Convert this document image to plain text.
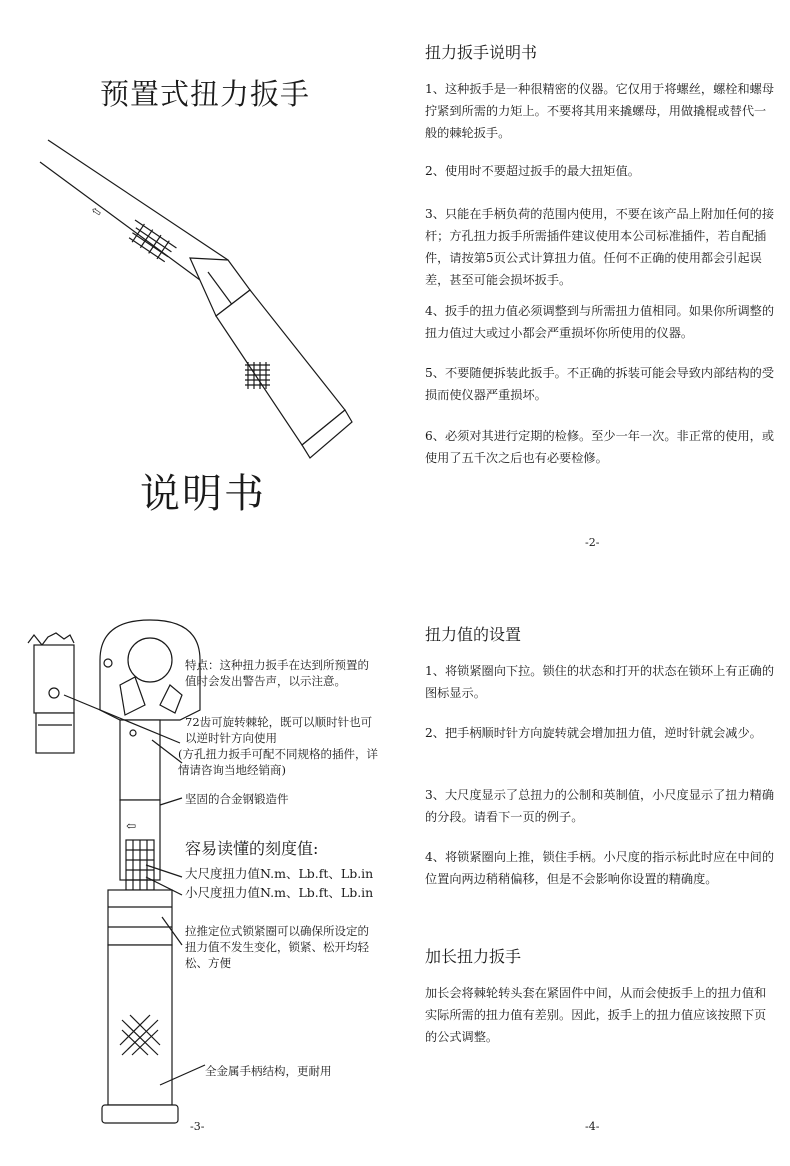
预置式扭力扳手
⇦
说明书
扭力扳手说明书
1、这种扳手是一种很精密的仪器。它仅用于将螺丝，螺栓和螺母拧紧到所需的力矩上。不要将其用来撬螺母，用做撬棍或替代一般的棘轮扳手。
2、使用时不要超过扳手的最大扭矩值。
3、只能在手柄负荷的范围内使用，不要在该产品上附加任何的接杆；方孔扭力扳手所需插件建议使用本公司标准插件，若自配插件，请按第5页公式计算扭力值。任何不正确的使用都会引起误差，甚至可能会损坏扳手。
4、扳手的扭力值必须调整到与所需扭力值相同。如果你所调整的扭力值过大或过小都会严重损坏你所使用的仪器。
5、不要随便拆装此扳手。不正确的拆装可能会导致内部结构的受损而使仪器严重损坏。
6、必须对其进行定期的检修。至少一年一次。非正常的使用，或使用了五千次之后也有必要检修。
-2-
⇦
特点：这种扭力扳手在达到所预置的值时会发出警告声，以示注意。
72齿可旋转棘轮，既可以顺时针也可以逆时针方向使用
(方孔扭力扳手可配不同规格的插件，详情请咨询当地经销商)
坚固的合金钢锻造件
容易读懂的刻度值:
大尺度扭力值N.m、Lb.ft、Lb.in
小尺度扭力值N.m、Lb.ft、Lb.in
拉推定位式锁紧圈可以确保所设定的扭力值不发生变化，锁紧、松开均轻松、方便
全金属手柄结构，更耐用
-3-
扭力值的设置
1、将锁紧圈向下拉。锁住的状态和打开的状态在锁环上有正确的图标显示。
2、把手柄顺时针方向旋转就会增加扭力值，逆时针就会减少。
3、大尺度显示了总扭力的公制和英制值，小尺度显示了扭力精确的分段。请看下一页的例子。
4、将锁紧圈向上推，锁住手柄。小尺度的指示标此时应在中间的位置向两边稍稍偏移，但是不会影响你设置的精确度。
加长扭力扳手
加长会将棘轮转头套在紧固件中间，从而会使扳手上的扭力值和实际所需的扭力值有差别。因此，扳手上的扭力值应该按照下页的公式调整。
-4-
